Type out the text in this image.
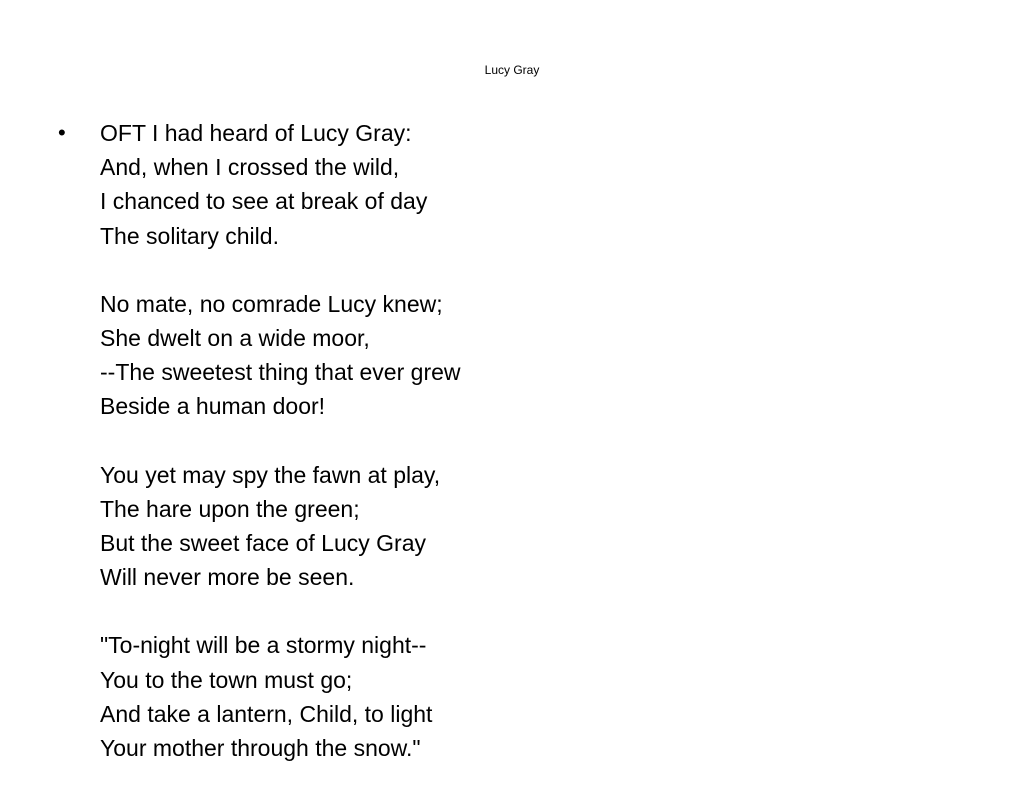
Lucy Gray
• OFT I had heard of Lucy Gray:
And, when I crossed the wild,
I chanced to see at break of day
The solitary child.
No mate, no comrade Lucy knew;
She dwelt on a wide moor,
--The sweetest thing that ever grew
Beside a human door!
You yet may spy the fawn at play,
The hare upon the green;
But the sweet face of Lucy Gray
Will never more be seen.
"To-night will be a stormy night--
You to the town must go;
And take a lantern, Child, to light
Your mother through the snow."
